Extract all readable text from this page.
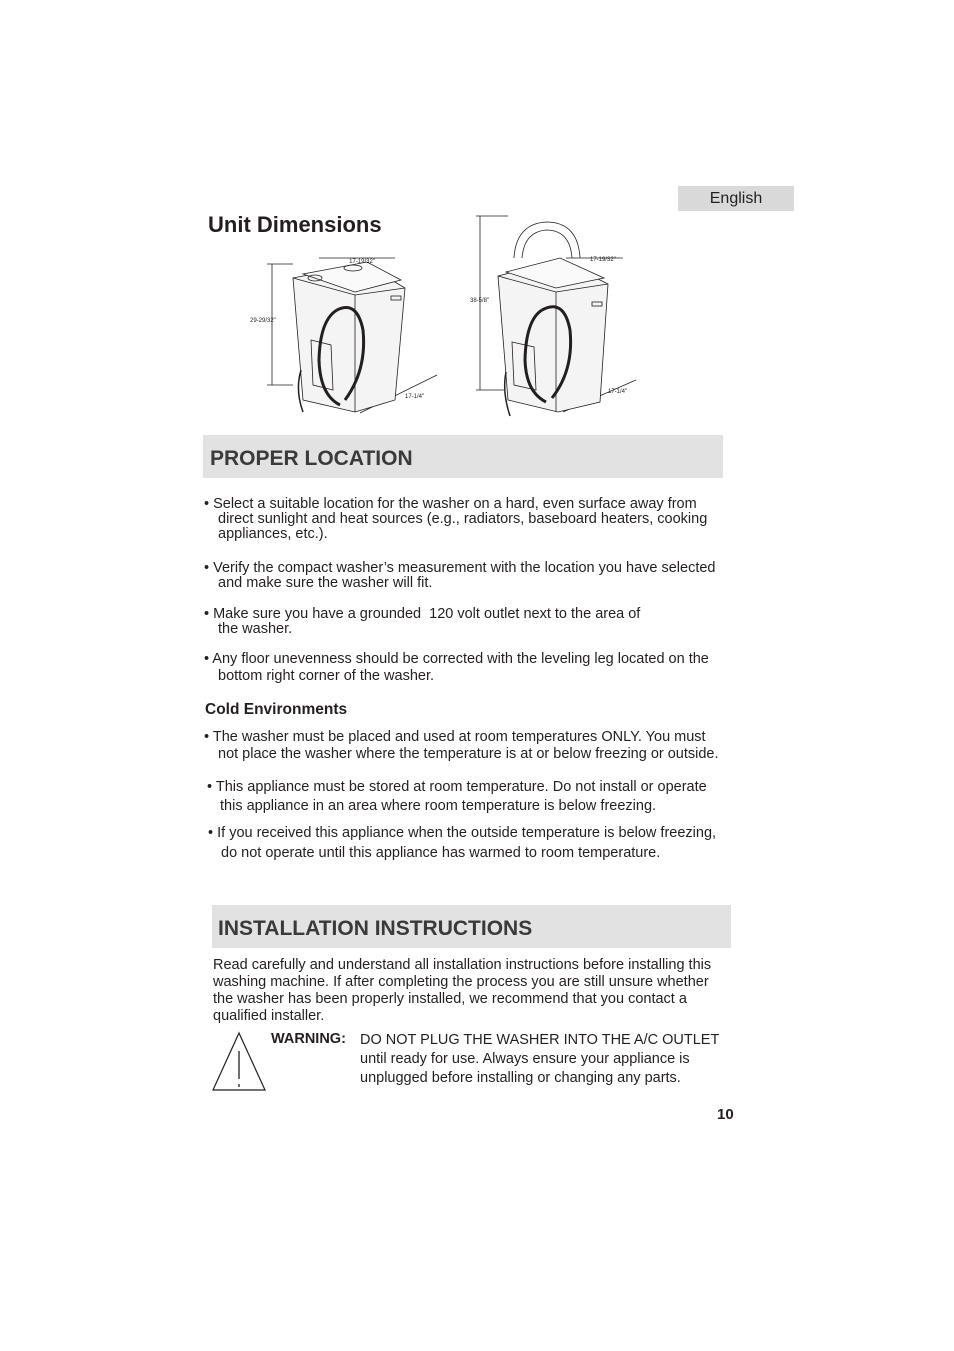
English
Unit Dimensions
17-19/32"
29-29/32"
17-1/4"
17-19/32"
38-5/8"
17-1/4"
PROPER LOCATION
• Select a suitable location for the washer on a hard, even surface away from
direct sunlight and heat sources (e.g., radiators, baseboard heaters, cooking
appliances, etc.).
• Verify the compact washer’s measurement with the location you have selected
and make sure the washer will fit.
• Make sure you have a grounded  120 volt outlet next to the area of
the washer.
• Any floor unevenness should be corrected with the leveling leg located on the
bottom right corner of the washer.
Cold Environments
• The washer must be placed and used at room temperatures ONLY. You must
not place the washer where the temperature is at or below freezing or outside.
• This appliance must be stored at room temperature. Do not install or operate
this appliance in an area where room temperature is below freezing.
• If you received this appliance when the outside temperature is below freezing,
do not operate until this appliance has warmed to room temperature.
INSTALLATION INSTRUCTIONS
Read carefully and understand all installation instructions before installing this
washing machine. If after completing the process you are still unsure whether
the washer has been properly installed, we recommend that you contact a
qualified installer.
WARNING: DO NOT PLUG THE WASHER INTO THE A/C OUTLET
until ready for use. Always ensure your appliance is
unplugged before installing or changing any parts.
10
